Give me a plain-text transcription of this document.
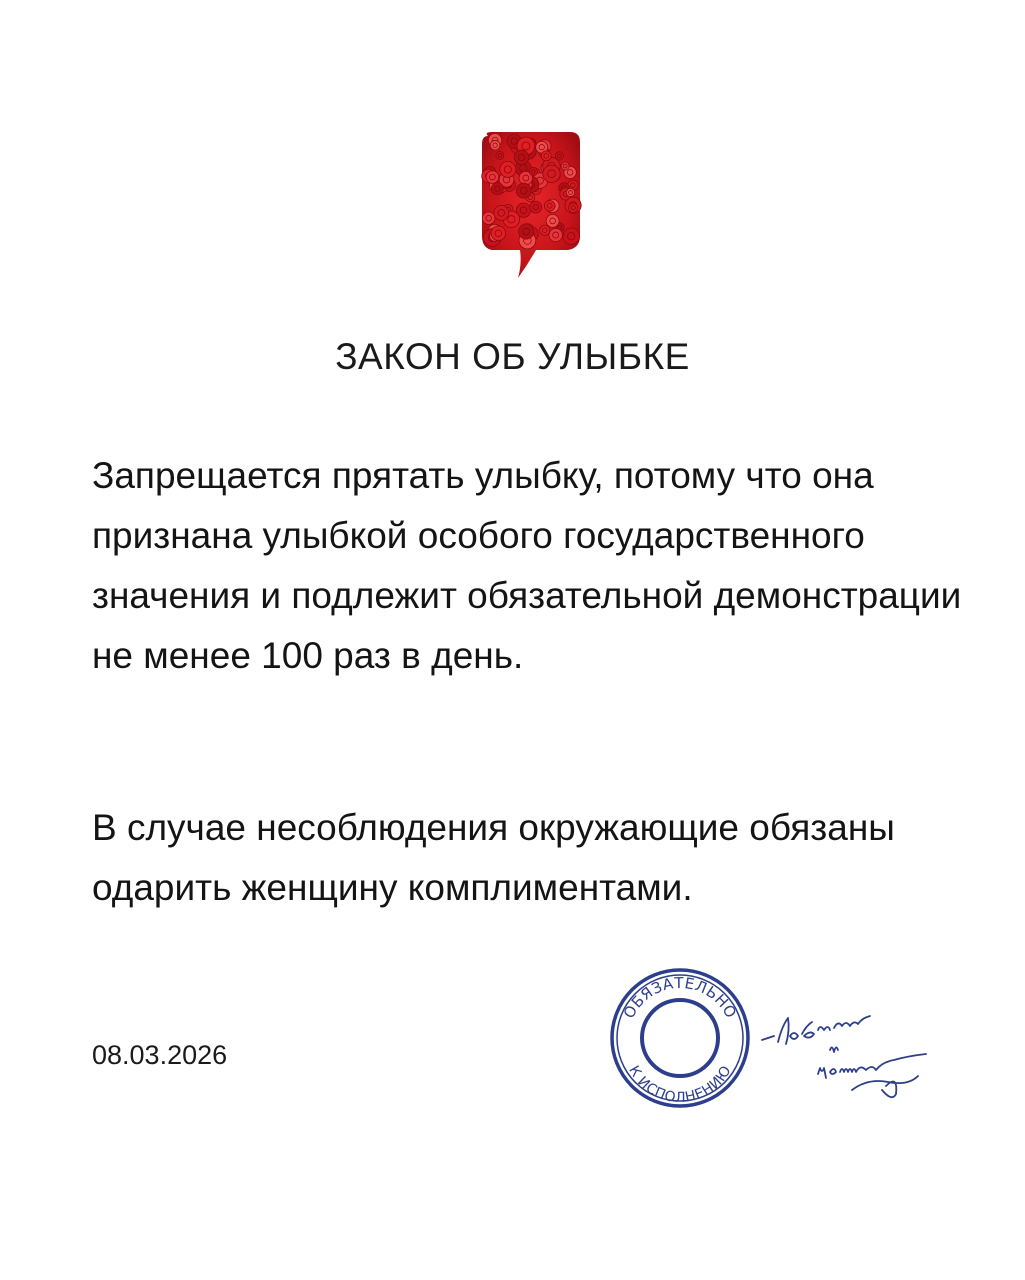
ЗАКОН ОБ УЛЫБКЕ
Запрещается прятать улыбку, потому что она признана улыбкой особого государственного значения и подлежит обязательной демонстрации не менее 100 раз в день.
В случае несоблюдения окружающие обязаны одарить женщину комплиментами.
08.03.2026
ОБЯЗАТЕЛЬНО
К ИСПОЛНЕНИЮ
